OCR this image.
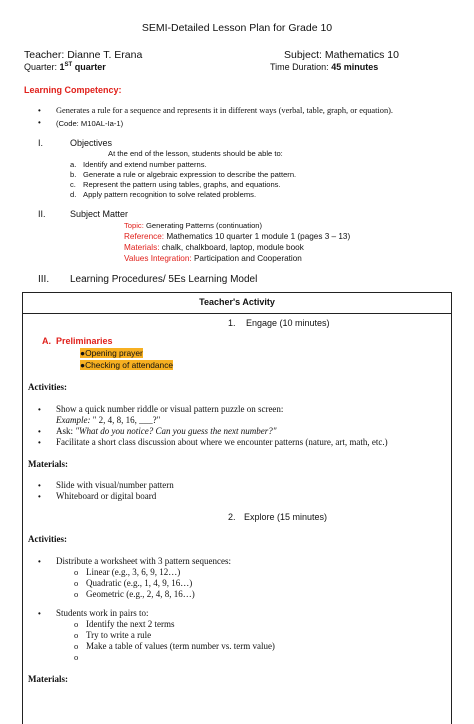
SEMI-Detailed Lesson Plan for Grade 10
Teacher: Dianne T. Erana	Subject: Mathematics 10
Quarter: 1ST quarter	Time Duration: 45 minutes
Learning Competency:
• Generates a rule for a sequence and represents it in different ways (verbal, table, graph, or equation).
• (Code: M10AL-Ia-1)
I.	Objectives
At the end of the lesson, students should be able to:
a. Identify and extend number patterns.
b. Generate a rule or algebraic expression to describe the pattern.
c. Represent the pattern using tables, graphs, and equations.
d. Apply pattern recognition to solve related problems.
II.	Subject Matter
Topic: Generating Patterns (continuation)
Reference: Mathematics 10 quarter 1 module 1 (pages 3 – 13)
Materials: chalk, chalkboard, laptop, module book
Values Integration: Participation and Cooperation
III. Learning Procedures/ 5Es Learning Model
Teacher's Activity
1. Engage (10 minutes)
A. Preliminaries
●Opening prayer
●Checking of attendance
Activities:
• Show a quick number riddle or visual pattern puzzle on screen:
Example: " 2, 4, 8, 16, ___?"
• Ask: "What do you notice? Can you guess the next number?"
• Facilitate a short class discussion about where we encounter patterns (nature, art, math, etc.)
Materials:
• Slide with visual/number pattern
• Whiteboard or digital board
2. Explore (15 minutes)
Activities:
• Distribute a worksheet with 3 pattern sequences:
o Linear (e.g., 3, 6, 9, 12…)
o Quadratic (e.g., 1, 4, 9, 16…)
o Geometric (e.g., 2, 4, 8, 16…)
• Students work in pairs to:
o Identify the next 2 terms
o Try to write a rule
o Make a table of values (term number vs. term value)
o
Materials:
